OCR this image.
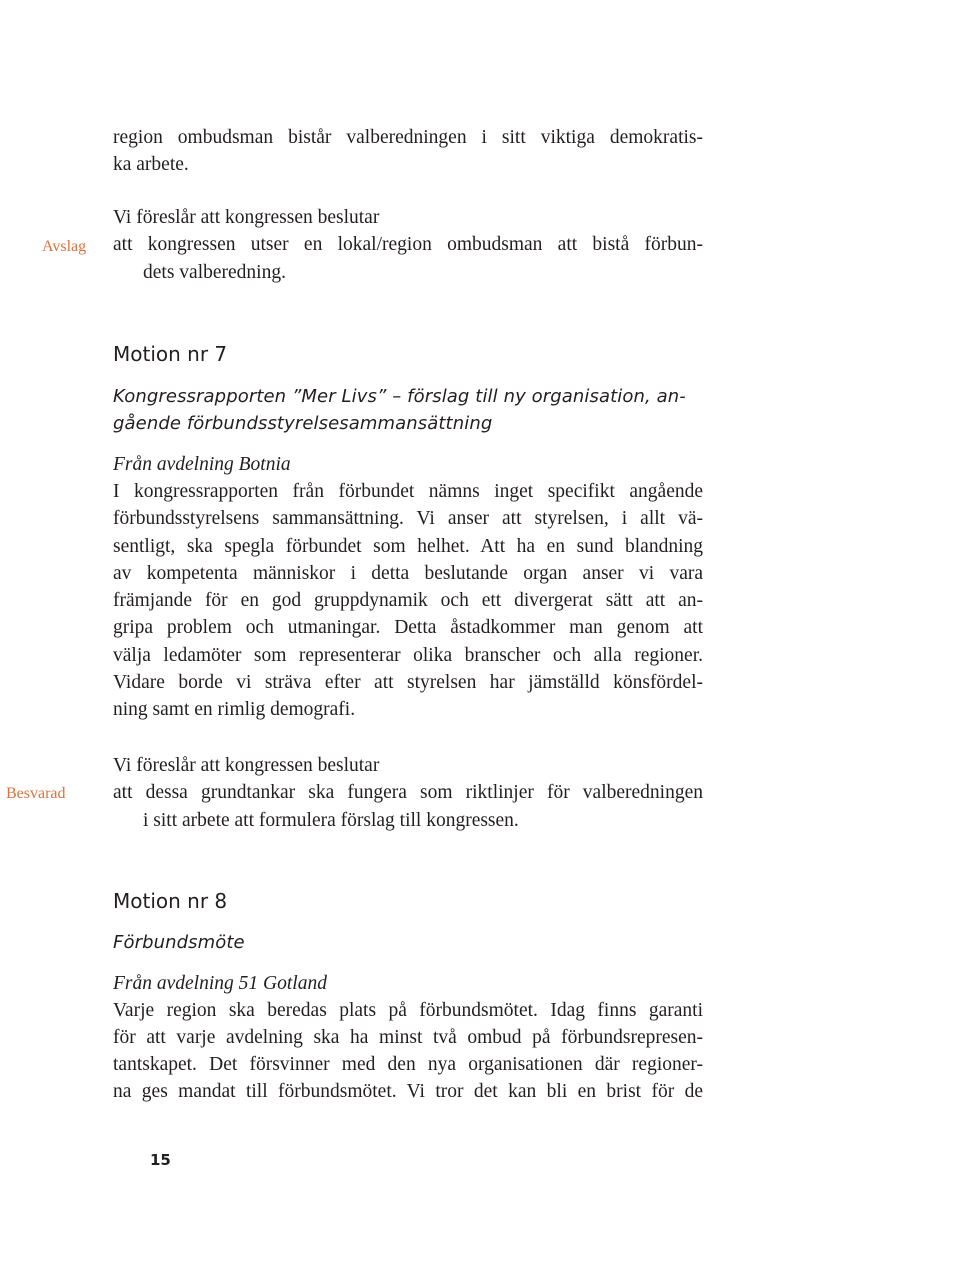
region ombudsman bistår valberedningen i sitt viktiga demokratis-
ka arbete.

Avslag

Vi föreslår att kongressen beslutar
att kongressen utser en lokal/region ombudsman att bistå förbun-
dets valberedning.

Motion nr 7

Kongressrapporten ”Mer Livs” – förslag till ny organisation, an-
gående förbundsstyrelsesammansättning

Från avdelning Botnia

I kongressrapporten från förbundet nämns inget specifikt angående
förbundsstyrelsens sammansättning. Vi anser att styrelsen, i allt vä-
sentligt, ska spegla förbundet som helhet. Att ha en sund blandning
av kompetenta människor i detta beslutande organ anser vi vara
främjande för en god gruppdynamik och ett divergerat sätt att an-
gripa problem och utmaningar. Detta åstadkommer man genom att
välja ledamöter som representerar olika branscher och alla regioner.
Vidare borde vi sträva efter att styrelsen har jämställd könsfördel-
ning samt en rimlig demografi.

Besvarad

Vi föreslår att kongressen beslutar
att dessa grundtankar ska fungera som riktlinjer för valberedningen
i sitt arbete att formulera förslag till kongressen.

Motion nr 8

Förbundsmöte

Från avdelning 51 Gotland

Varje region ska beredas plats på förbundsmötet. Idag finns garanti
för att varje avdelning ska ha minst två ombud på förbundsrepresen-
tantskapet. Det försvinner med den nya organisationen där regioner-
na ges mandat till förbundsmötet. Vi tror det kan bli en brist för de

15
